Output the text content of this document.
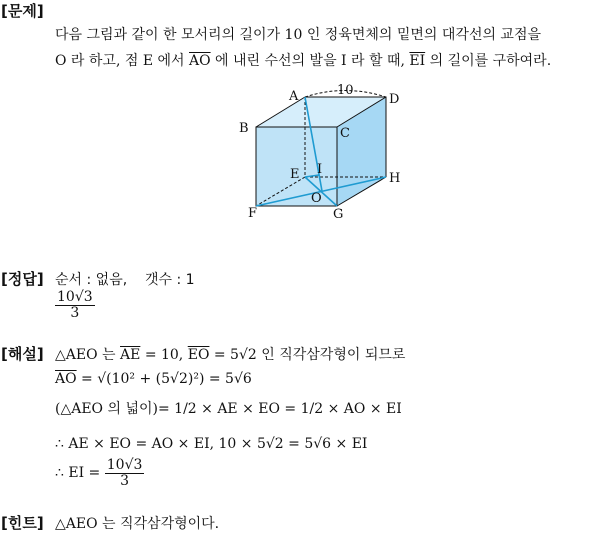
[문제]
다음 그림과 같이 한 모서리의 길이가 10 인 정육면체의 밑면의 대각선의 교점을
O 라 하고, 점 E 에서 $\overline{AO}$ 에 내린 수선의 발을 I 라 할 때, $\overline{EI}$ 의 길이를 구하여라.
A
B	C
D
E
F	G
H
I
O
10
[정답] 순서 : 없음, 갯수 : 1
$\frac{10√3}{3}$
[해설] △AEO 는 $\overline{AE} = 10$, $\overline{EO} = 5√2$ 인 직각삼각형이 되므로
$\overline{AO} = √(10^2 + (5√2)^2) = 5√6$
(△AEO 의 넓이)= 1/2 × AE × EO = 1/2 × AO × EI
∴ AE × EO = AO × EI, 10 × 5√2 = 5√6 × EI
∴ EI = $\frac{10√3}{3}$
[힌트] △AEO 는 직각삼각형이다.
